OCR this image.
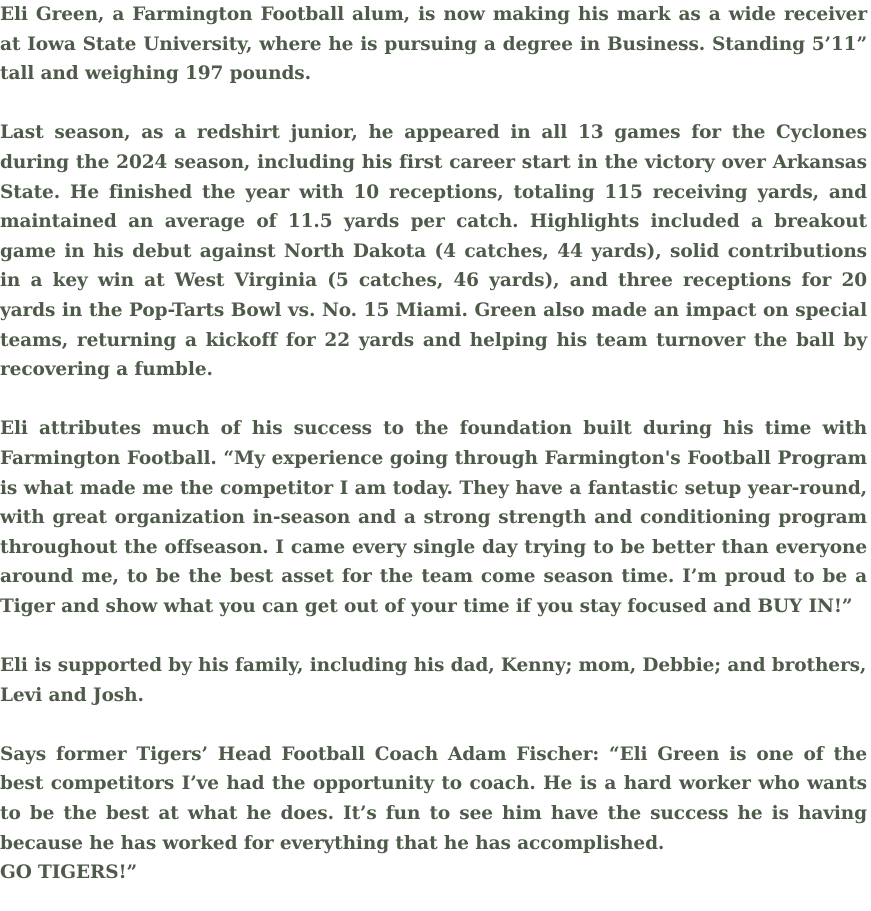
Eli Green, a Farmington Football alum, is now making his mark as a wide receiver at Iowa State University, where he is pursuing a degree in Business. Standing 5’11” tall and weighing 197 pounds.

Last season, as a redshirt junior, he appeared in all 13 games for the Cyclones during the 2024 season, including his first career start in the victory over Arkansas State. He finished the year with 10 receptions, totaling 115 receiving yards, and maintained an average of 11.5 yards per catch. Highlights included a breakout game in his debut against North Dakota (4 catches, 44 yards), solid contributions in a key win at West Virginia (5 catches, 46 yards), and three receptions for 20 yards in the Pop-Tarts Bowl vs. No. 15 Miami. Green also made an impact on special teams, returning a kickoff for 22 yards and helping his team turnover the ball by recovering a fumble.

Eli attributes much of his success to the foundation built during his time with Farmington Football. “My experience going through Farmington's Football Program is what made me the competitor I am today. They have a fantastic setup year-round, with great organization in-season and a strong strength and conditioning program throughout the offseason. I came every single day trying to be better than everyone around me, to be the best asset for the team come season time. I’m proud to be a Tiger and show what you can get out of your time if you stay focused and BUY IN!”

Eli is supported by his family, including his dad, Kenny; mom, Debbie; and brothers, Levi and Josh.

Says former Tigers’ Head Football Coach Adam Fischer: “Eli Green is one of the best competitors I’ve had the opportunity to coach. He is a hard worker who wants to be the best at what he does. It’s fun to see him have the success he is having because he has worked for everything that he has accomplished.

GO TIGERS!”
